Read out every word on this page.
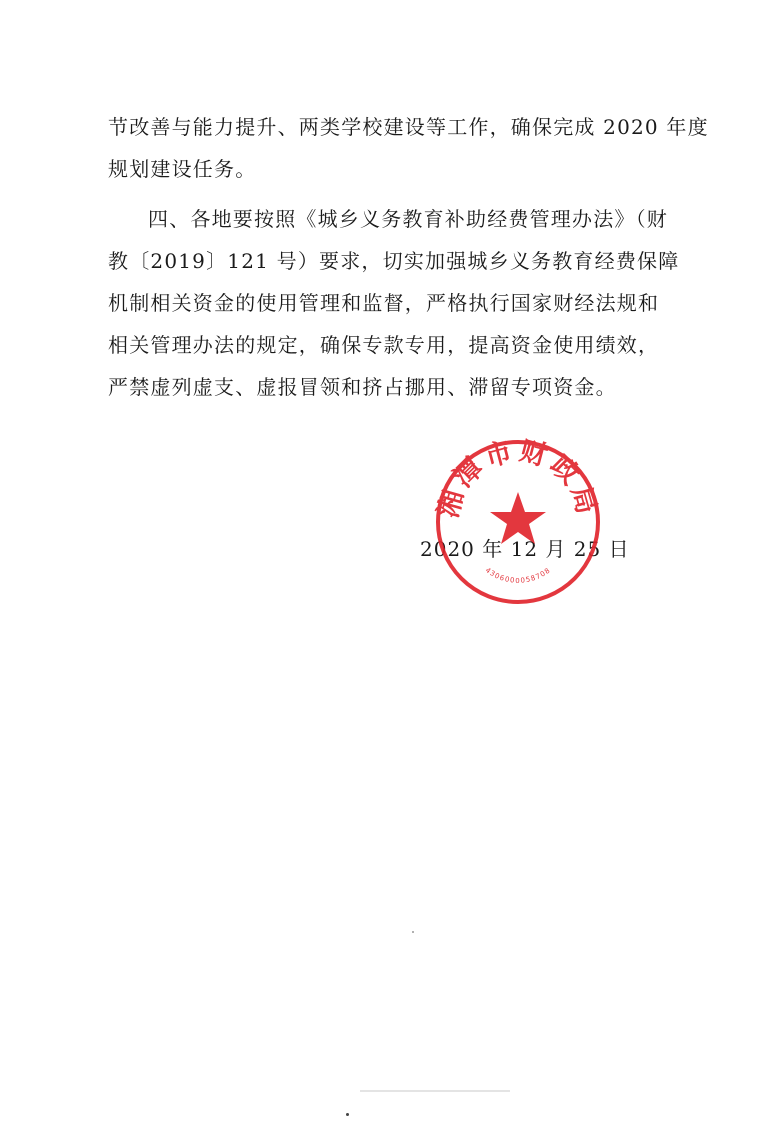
节改善与能力提升、两类学校建设等工作，确保完成 2020 年度
规划建设任务。
四、各地要按照《城乡义务教育补助经费管理办法》（财
教〔2019〕121 号）要求，切实加强城乡义务教育经费保障
机制相关资金的使用管理和监督，严格执行国家财经法规和
相关管理办法的规定，确保专款专用，提高资金使用绩效，
严禁虚列虚支、虚报冒领和挤占挪用、滞留专项资金。
2020 年 12 月 25 日
湘潭市财政局
4306000058708
